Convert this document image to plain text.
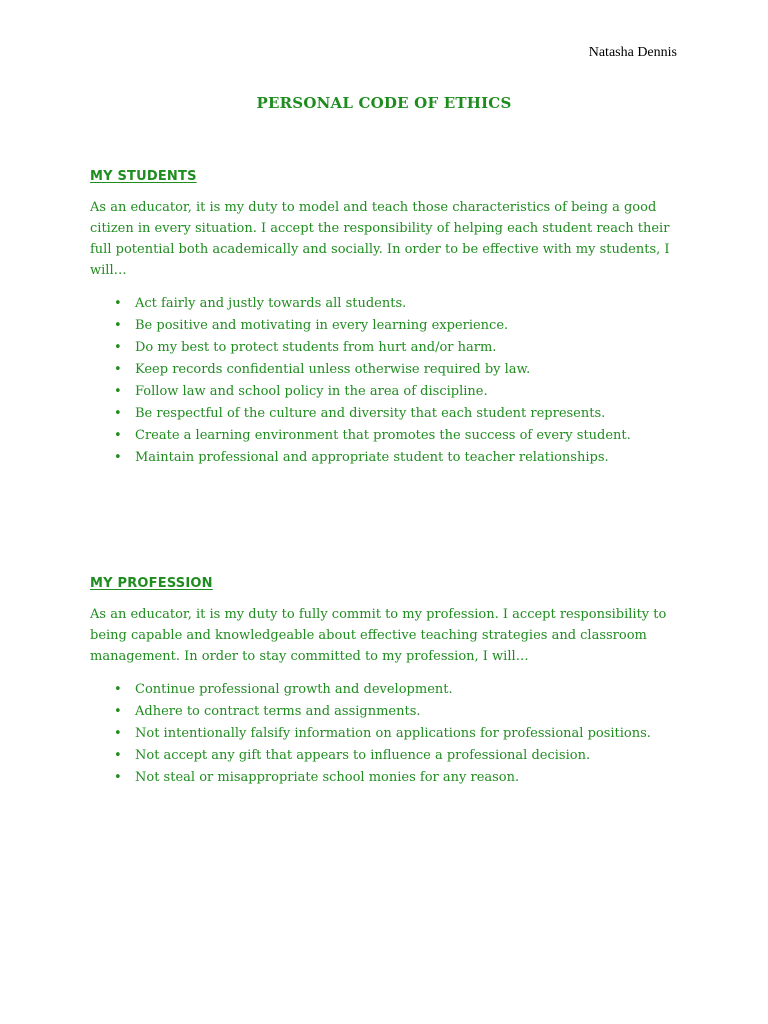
Natasha Dennis
PERSONAL CODE OF ETHICS
MY STUDENTS

As an educator, it is my duty to model and teach those characteristics of being a good citizen in every situation. I accept the responsibility of helping each student reach their full potential both academically and socially. In order to be effective with my students, I will…

• Act fairly and justly towards all students.
• Be positive and motivating in every learning experience.
• Do my best to protect students from hurt and/or harm.
• Keep records confidential unless otherwise required by law.
• Follow law and school policy in the area of discipline.
• Be respectful of the culture and diversity that each student represents.
• Create a learning environment that promotes the success of every student.
• Maintain professional and appropriate student to teacher relationships.
MY PROFESSION

As an educator, it is my duty to fully commit to my profession. I accept responsibility to being capable and knowledgeable about effective teaching strategies and classroom management. In order to stay committed to my profession, I will…

• Continue professional growth and development.
• Adhere to contract terms and assignments.
• Not intentionally falsify information on applications for professional positions.
• Not accept any gift that appears to influence a professional decision.
• Not steal or misappropriate school monies for any reason.
